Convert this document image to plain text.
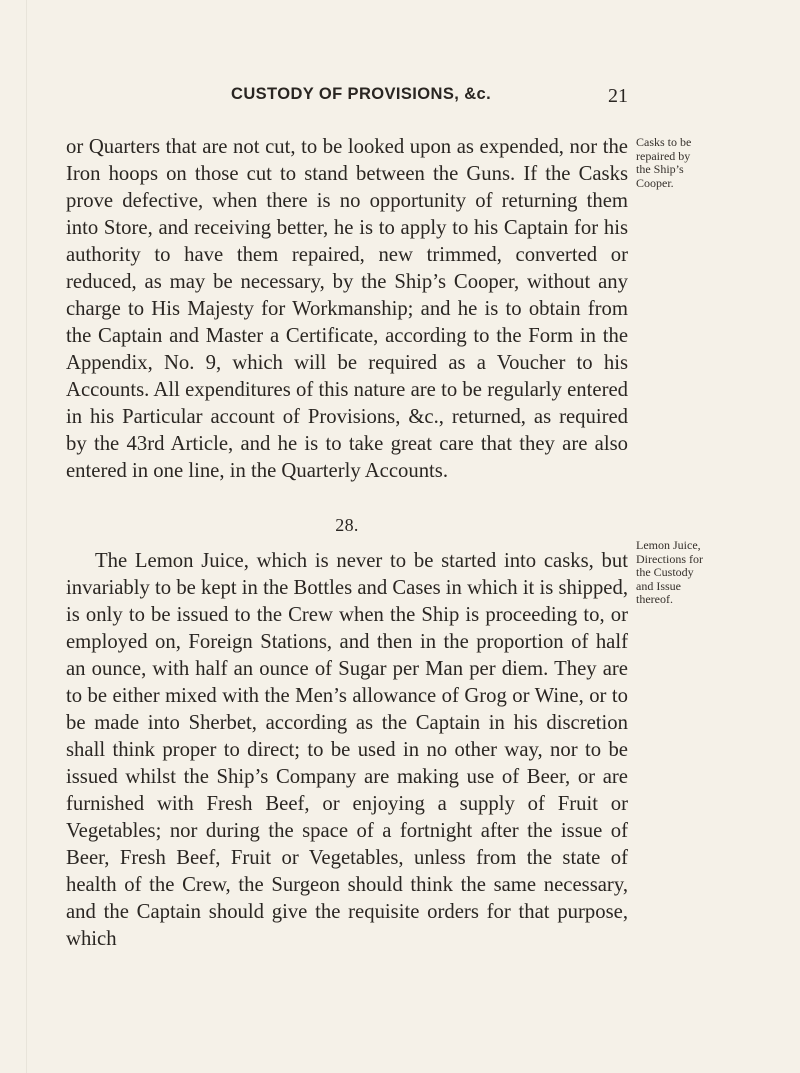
CUSTODY OF PROVISIONS, &c.	21

or Quarters that are not cut, to be looked upon as expended, nor the Iron hoops on those cut to stand between the Guns. If the Casks prove defective, when there is no opportunity of returning them into Store, and receiving better, he is to apply to his Captain for his authority to have them repaired, new trimmed, converted or reduced, as may be necessary, by the Ship’s Cooper, without any charge to His Majesty for Workmanship; and he is to obtain from the Captain and Master a Certificate, according to the Form in the Appendix, No. 9, which will be required as a Voucher to his Accounts. All expenditures of this nature are to be regularly entered in his Particular account of Provisions, &c., returned, as required by the 43rd Article, and he is to take great care that they are also entered in one line, in the Quarterly Accounts.

28.

The Lemon Juice, which is never to be started into casks, but invariably to be kept in the Bottles and Cases in which it is shipped, is only to be issued to the Crew when the Ship is proceeding to, or employed on, Foreign Stations, and then in the proportion of half an ounce, with half an ounce of Sugar per Man per diem. They are to be either mixed with the Men’s allowance of Grog or Wine, or to be made into Sherbet, according as the Captain in his discretion shall think proper to direct; to be used in no other way, nor to be issued whilst the Ship’s Company are making use of Beer, or are furnished with Fresh Beef, or enjoying a supply of Fruit or Vegetables; nor during the space of a fortnight after the issue of Beer, Fresh Beef, Fruit or Vegetables, unless from the state of health of the Crew, the Surgeon should think the same necessary, and the Captain should give the requisite orders for that purpose, which

Casks to be
repaired by
the Ship’s
Cooper.
Lemon Juice,
Directions for
the Custody
and Issue
thereof.
